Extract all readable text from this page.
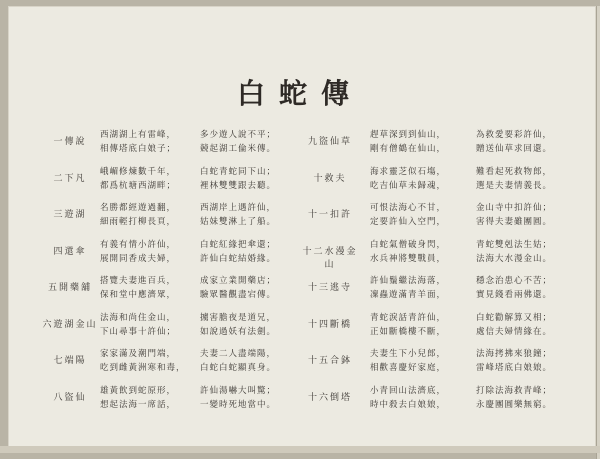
白蛇傳
一傳說
西湖湖上有雷峰，
相傳塔底白娘子；
多少遊人說不平；
競起湖工倫米傳。
二下凡
峨嵋修煉數千年，
都爲杭塘西湖畔；
白蛇青蛇同下山；
裡林雙雙跟去聽。
三遊湖
名勝都經遊過翻，
細雨輕打柳長頁，
西湖岸上遇許仙，
姑妹雙淋上了船。
四還傘
有義有情小許仙，
展開同香成夫婦，
白蛇紅緣把傘還；
許仙白蛇結婚緣。
五開藥舖
搭覽夫妻進百兵，
保和堂中應濟眾，
成家立業開藥店；
驗眾醫觀盡宕傳。
六遊湖金山
法海和尚住金山，
下山尋事十許仙；
擄害膽夜是道兄，
如說過妖有法劍。
七端陽
家家滿及潮門端，
吃到雌黃洲寒和毒，
夫妻二人盡端陽，
白蛇白蛇顯真身。
八盜仙
雄黃飲到蛇原形，
想起法海一席話，
許仙湯嚇大叫驚；
一變時死地當中。
九盜仙草
趕草深到到仙山，
剛有僧鶴在仙山，
為救愛要彩許仙，
贈送仙草求回還。
十救夫
海求靈芝似石塲，
吃吉仙草未歸魂，
難看起死救物郎，
選是夫妻情義長。
十一扣許
可恨法海心不甘，
定要許仙入空門，
金山寺中扣許仙；
害得夫妻雖團圓。
十二水漫金山
白蛇氣僧破身閃，
水兵神將雙戰員，
青蛇雙剋法生姑；
法海大水漫金山。
十三逃寺
許仙鬚繼法海落，
凜蟲遊滿青羊面，
穩念治患心不苦；
實見錢看兩佛還。
十四斷橋
青蛇淚話青許仙，
正如斷橋樓不斷，
白蛇勸解算又相；
處信夫婦情緣在。
十五合鉢
夫妻生下小兒郎，
相歡喜慶好家庭，
法海拷拂來狼鐘；
雷峰塔底白娘娘。
十六倒塔
小青回山法濟底，
時中殺去白娘娘，
打除法海救青峰；
永慶團圓樂無窮。
